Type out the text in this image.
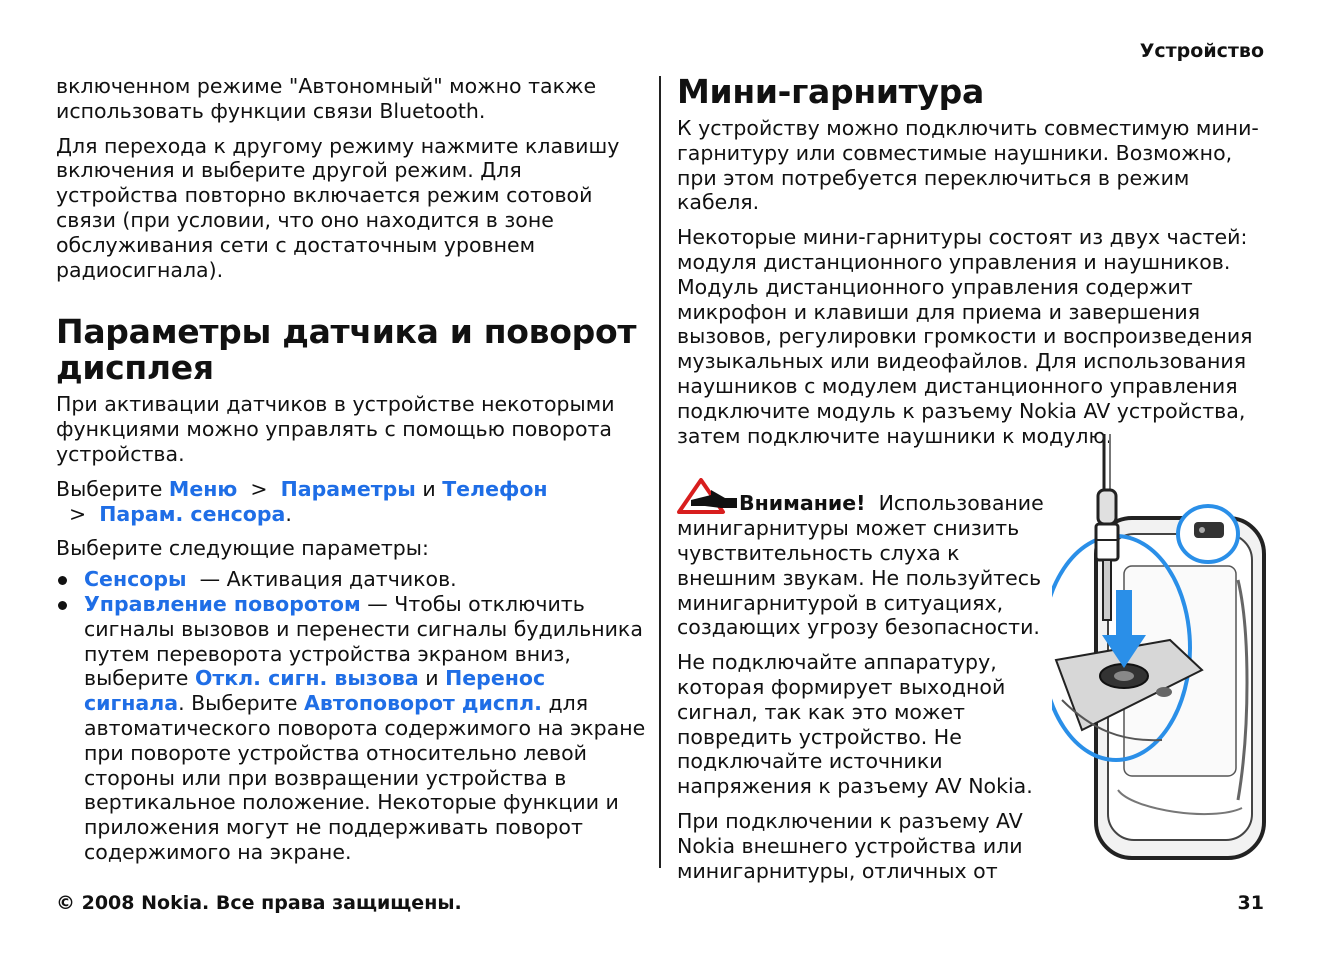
Устройство

включенном режиме "Автономный" можно также использовать функции связи Bluetooth.

Для перехода к другому режиму нажмите клавишу включения и выберите другой режим. Для устройства повторно включается режим сотовой связи (при условии, что оно находится в зоне обслуживания сети с достаточным уровнем радиосигнала).

Параметры датчика и поворот дисплея

При активации датчиков в устройстве некоторыми функциями можно управлять с помощью поворота устройства.

Выберите Меню  >  Параметры и Телефон  >  Парам. сенсора.

Выберите следующие параметры:

Сенсоры  — Активация датчиков.
Управление поворотом — Чтобы отключить сигналы вызовов и перенести сигналы будильника путем переворота устройства экраном вниз, выберите Откл. сигн. вызова и Перенос сигнала. Выберите Автоповорот диспл. для автоматического поворота содержимого на экране при повороте устройства относительно левой стороны или при возвращении устройства в вертикальное положение. Некоторые функции и приложения могут не поддерживать поворот содержимого на экране.
Мини-гарнитура

К устройству можно подключить совместимую мини-гарнитуру или совместимые наушники. Возможно, при этом потребуется переключиться в режим кабеля.

Некоторые мини-гарнитуры состоят из двух частей: модуля дистанционного управления и наушников. Модуль дистанционного управления содержит микрофон и клавиши для приема и завершения вызовов, регулировки громкости и воспроизведения музыкальных или видеофайлов. Для использования наушников с модулем дистанционного управления подключите модуль к разъему Nokia AV устройства, затем подключите наушники к модулю.

Внимание!  Использование минигарнитуры может снизить чувствительность слуха к внешним звукам. Не пользуйтесь минигарнитурой в ситуациях, создающих угрозу безопасности.

Не подключайте аппаратуру, которая формирует выходной сигнал, так как это может повредить устройство. Не подключайте источники напряжения к разъему AV Nokia.

При подключении к разъему AV Nokia внешнего устройства или минигарнитуры, отличных от

© 2008 Nokia. Все права защищены.	31
